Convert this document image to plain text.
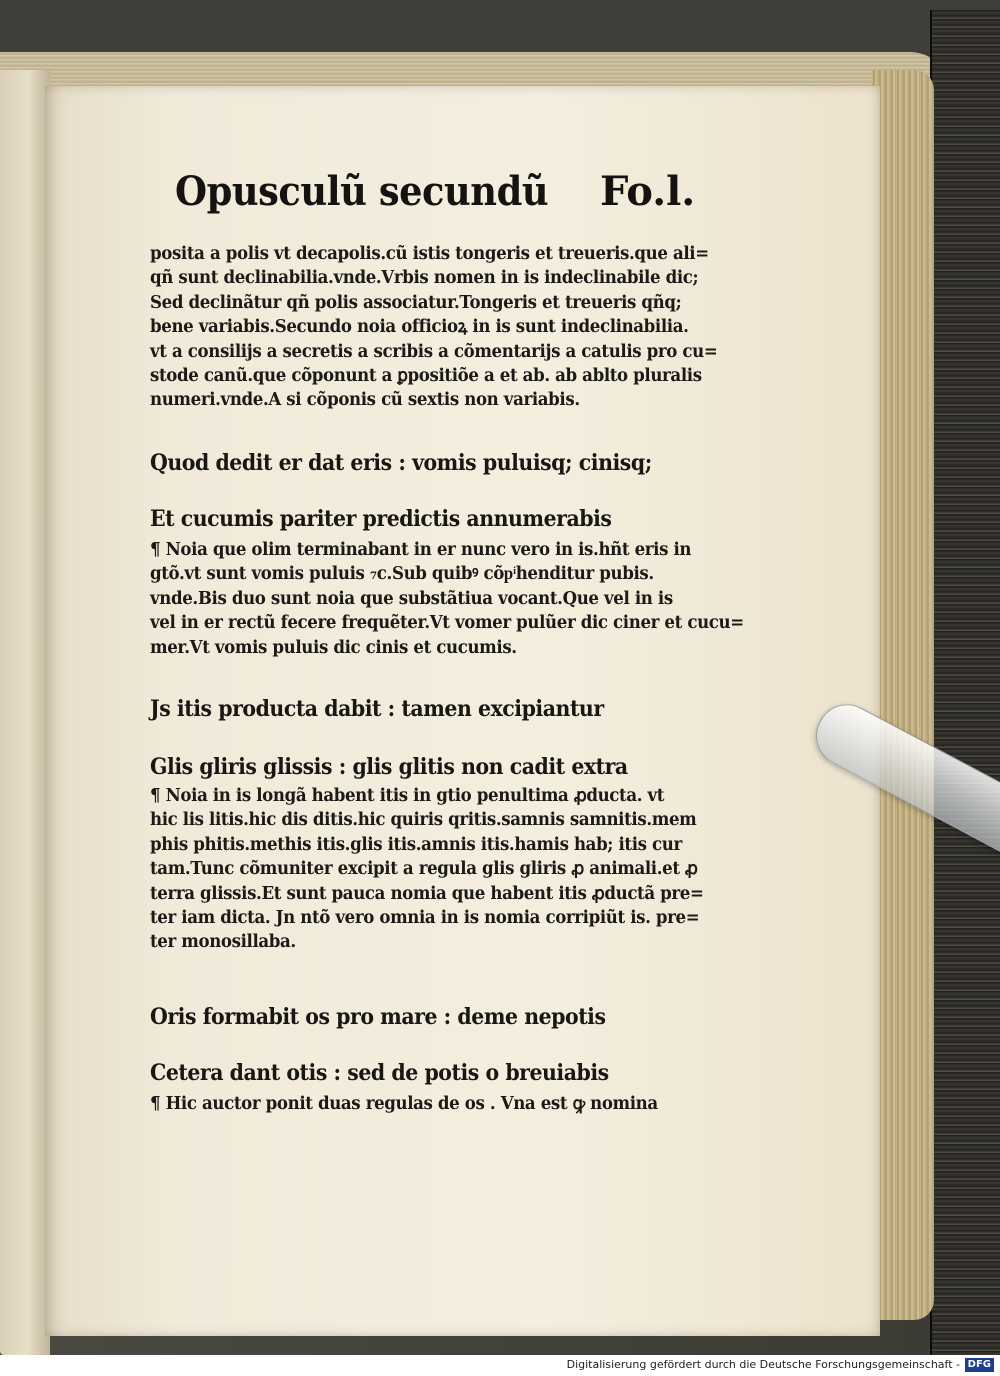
Opusculũ secundũ Fo.l.
posita a polis vt decapolis.cũ istis tongeris et treueris.que ali=
qñ sunt declinabilia.vnde.Vrbis nomen in is indeclinabile dic;
Sed declinãtur qñ polis associatur.Tongeris et treueris qñq;
bene variabis.Secundo noia officioꝝ in is sunt indeclinabilia.
vt a consilijs a secretis a scribis a cõmentarijs a catulis pro cu=
stode canũ.que cõponunt a ꝑpositiõe a et ab. ab ablto pluralis
numeri.vnde.A si cõponis cũ sextis non variabis.
Quod dedit er dat eris : vomis puluisq; cinisq;
Et cucumis pariter predictis annumerabis
¶ Noia que olim terminabant in er nunc vero in is.hñt eris in
gtõ.vt sunt vomis puluis ₇c.Sub quibꝰ cõpͥhenditur pubis.
vnde.Bis duo sunt noia que substãtiua vocant.Que vel in is
vel in er rectũ fecere frequẽter.Vt vomer pulũer dic ciner et cucu=
mer.Vt vomis puluis dic cinis et cucumis.
Js itis producta dabit : tamen excipiantur
Glis gliris glissis : glis glitis non cadit extra
¶ Noia in is longã habent itis in gtio penultima ꝓducta. vt
hic lis litis.hic dis ditis.hic quiris qritis.samnis samnitis.mem
phis phitis.methis itis.glis itis.amnis itis.hamis hab; itis cur
tam.Tunc cõmuniter excipit a regula glis gliris ꝓ animali.et ꝓ
terra glissis.Et sunt pauca nomia que habent itis ꝓductã pre=
ter iam dicta. Jn ntõ vero omnia in is nomia corripiũt is. pre=
ter monosillaba.
Oris formabit os pro mare : deme nepotis
Cetera dant otis : sed de potis o breuiabis
¶ Hic auctor ponit duas regulas de os . Vna est ꝙ nomina
Digitalisierung gefördert durch die Deutsche Forschungsgemeinschaft - DFG
